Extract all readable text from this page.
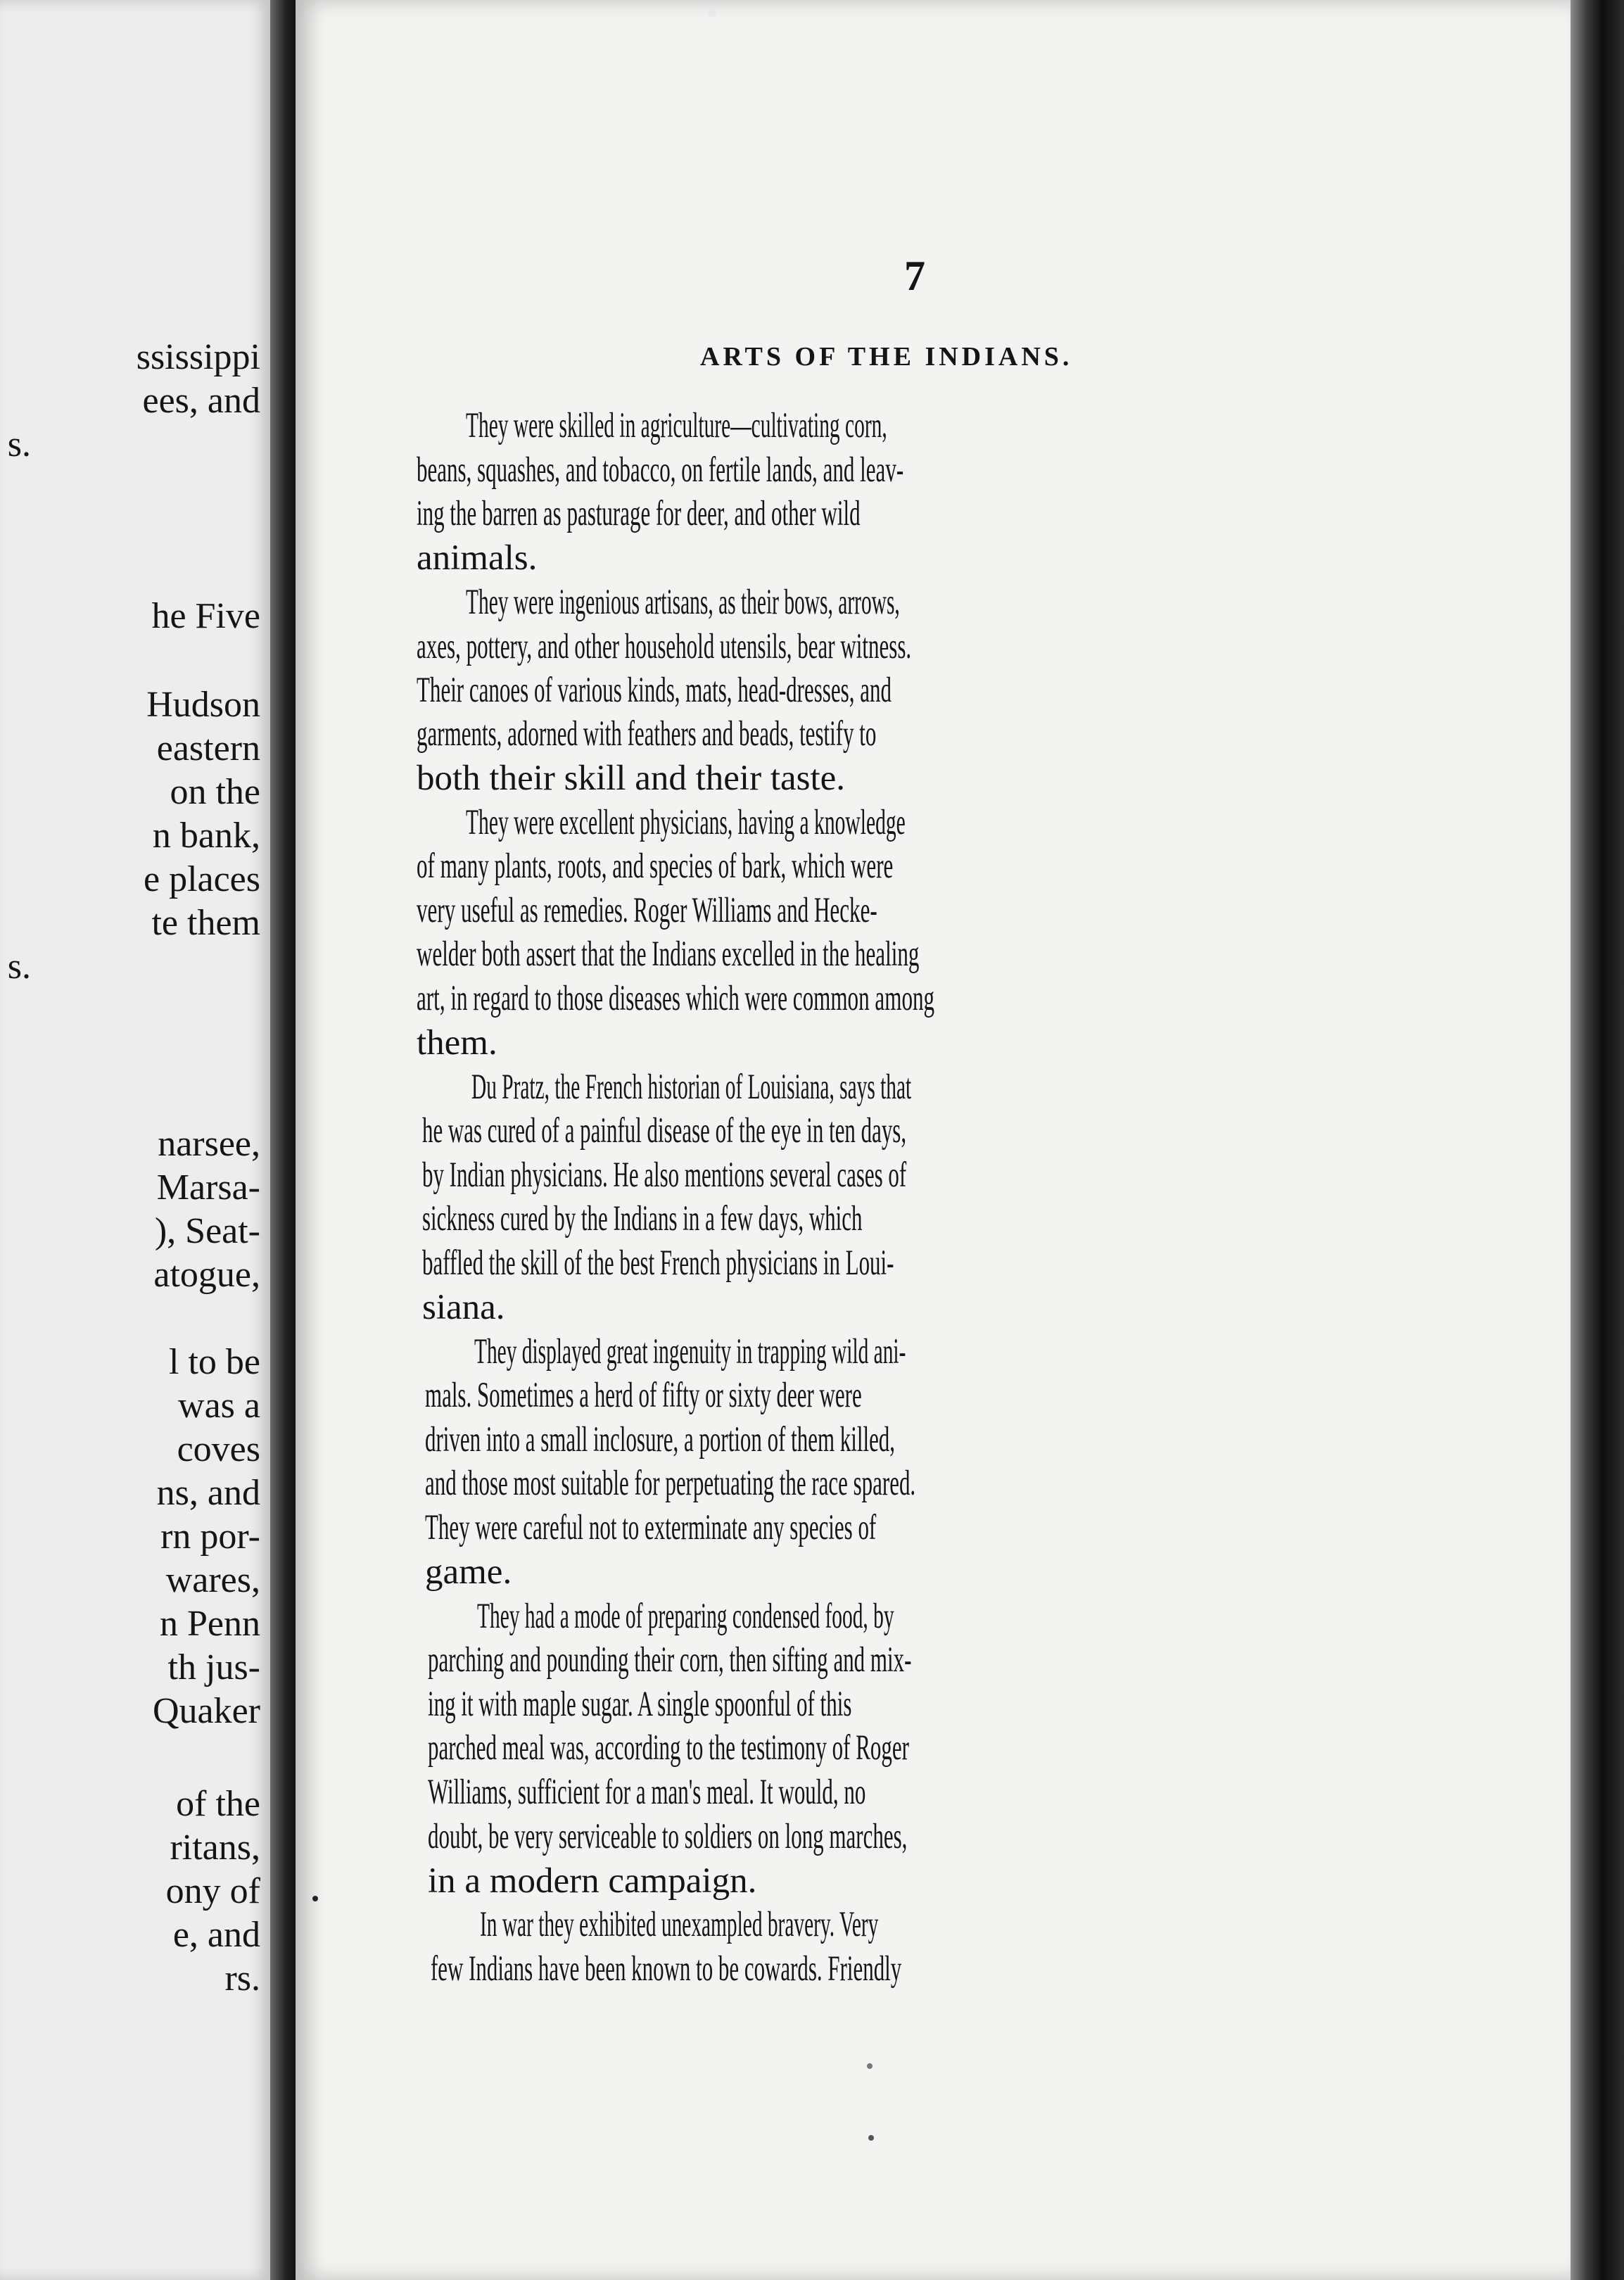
ssissippi
ees, and
s.
he Five
Hudson
eastern
on the
n bank,
e places
te them
s.
narsee,
Marsa-
), Seat-
atogue,
l to be
was a
coves
ns, and
rn por-
wares,
n Penn
th jus-
Quaker
of the
ritans,
ony of
e, and
rs.
7
ARTS OF THE INDIANS.
They were skilled in agriculture—cultivating corn,
beans, squashes, and tobacco, on fertile lands, and leav-
ing the barren as pasturage for deer, and other wild
animals.
They were ingenious artisans, as their bows, arrows,
axes, pottery, and other household utensils, bear witness.
Their canoes of various kinds, mats, head-dresses, and
garments, adorned with feathers and beads, testify to
both their skill and their taste.
They were excellent physicians, having a knowledge
of many plants, roots, and species of bark, which were
very useful as remedies. Roger Williams and Hecke-
welder both assert that the Indians excelled in the healing
art, in regard to those diseases which were common among
them.
Du Pratz, the French historian of Louisiana, says that
he was cured of a painful disease of the eye in ten days,
by Indian physicians. He also mentions several cases of
sickness cured by the Indians in a few days, which
baffled the skill of the best French physicians in Loui-
siana.
They displayed great ingenuity in trapping wild ani-
mals. Sometimes a herd of fifty or sixty deer were
driven into a small inclosure, a portion of them killed,
and those most suitable for perpetuating the race spared.
They were careful not to exterminate any species of
game.
They had a mode of preparing condensed food, by
parching and pounding their corn, then sifting and mix-
ing it with maple sugar. A single spoonful of this
parched meal was, according to the testimony of Roger
Williams, sufficient for a man's meal. It would, no
doubt, be very serviceable to soldiers on long marches,
in a modern campaign.
In war they exhibited unexampled bravery. Very
few Indians have been known to be cowards. Friendly
